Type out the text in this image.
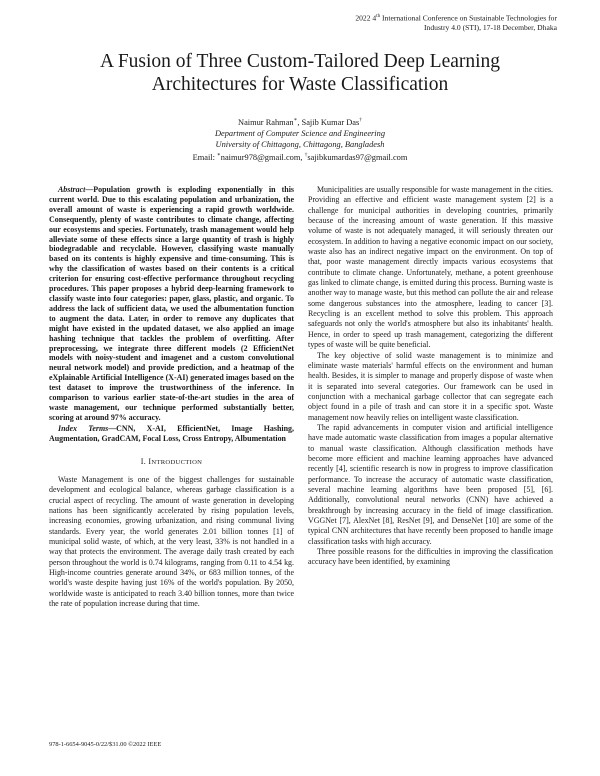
2022 4th International Conference on Sustainable Technologies for
Industry 4.0 (STI), 17-18 December, Dhaka
A Fusion of Three Custom-Tailored Deep Learning
Architectures for Waste Classification
Naimur Rahman∗, Sajib Kumar Das†
Department of Computer Science and Engineering
University of Chittagong, Chittagong, Bangladesh
Email: ∗naimur978@gmail.com, †sajibkumardas97@gmail.com

Abstract—Population growth is exploding exponentially in this current world. Due to this escalating population and urbanization, the overall amount of waste is experiencing a rapid growth worldwide. Consequently, plenty of waste contributes to climate change, affecting our ecosystems and species. Fortunately, trash management would help alleviate some of these effects since a large quantity of trash is highly biodegradable and recyclable. However, classifying waste manually based on its contents is highly expensive and time-consuming. This is why the classification of wastes based on their contents is a critical criterion for ensuring cost-effective performance throughout recycling procedures. This paper proposes a hybrid deep-learning framework to classify waste into four categories: paper, glass, plastic, and organic. To address the lack of sufficient data, we used the albumentation function to augment the data. Later, in order to remove any duplicates that might have existed in the updated dataset, we also applied an image hashing technique that tackles the problem of overfitting. After preprocessing, we integrate three different models (2 EfficientNet models with noisy-student and imagenet and a custom convolutional neural network model) and provide prediction, and a heatmap of the eXplainable Artificial Intelligence (X-AI) generated images based on the test dataset to improve the trustworthiness of the inference. In comparison to various earlier state-of-the-art studies in the area of waste management, our technique performed substantially better, scoring at around 97% accuracy.

Index Terms—CNN, X-AI, EfficientNet, Image Hashing, Augmentation, GradCAM, Focal Loss, Cross Entropy, Albumentation

I. INTRODUCTION

Waste Management is one of the biggest challenges for sustainable development and ecological balance, whereas garbage classification is a crucial aspect of recycling. The amount of waste generation in developing nations has been significantly accelerated by rising population levels, increasing economies, growing urbanization, and rising communal living standards. Every year, the world generates 2.01 billion tonnes [1] of municipal solid waste, of which, at the very least, 33% is not handled in a way that protects the environment. The average daily trash created by each person throughout the world is 0.74 kilograms, ranging from 0.11 to 4.54 kg. High-income countries generate around 34%, or 683 million tonnes, of the world's waste despite having just 16% of the world's population. By 2050, worldwide waste is anticipated to reach 3.40 billion tonnes, more than twice the rate of population increase during that time.

Municipalities are usually responsible for waste management in the cities. Providing an effective and efficient waste management system [2] is a challenge for municipal authorities in developing countries, primarily because of the increasing amount of waste generation. If this massive volume of waste is not adequately managed, it will seriously threaten our ecosystem. In addition to having a negative economic impact on our society, waste also has an indirect negative impact on the environment. On top of that, poor waste management directly impacts various ecosystems that contribute to climate change. Unfortunately, methane, a potent greenhouse gas linked to climate change, is emitted during this process. Burning waste is another way to manage waste, but this method can pollute the air and release some dangerous substances into the atmosphere, leading to cancer [3]. Recycling is an excellent method to solve this problem. This approach safeguards not only the world's atmosphere but also its inhabitants' health. Hence, in order to speed up trash management, categorizing the different types of waste will be quite beneficial.

The key objective of solid waste management is to minimize and eliminate waste materials' harmful effects on the environment and human health. Besides, it is simpler to manage and properly dispose of waste when it is separated into several categories. Our framework can be used in conjunction with a mechanical garbage collector that can segregate each object found in a pile of trash and can store it in a specific spot. Waste management now heavily relies on intelligent waste classification.

The rapid advancements in computer vision and artificial intelligence have made automatic waste classification from images a popular alternative to manual waste classification. Although classification methods have become more efficient and machine learning approaches have advanced recently [4], scientific research is now in progress to improve classification performance. To increase the accuracy of automatic waste classification, several machine learning algorithms have been proposed [5], [6]. Additionally, convolutional neural networks (CNN) have achieved a breakthrough by increasing accuracy in the field of image classification. VGGNet [7], AlexNet [8], ResNet [9], and DenseNet [10] are some of the typical CNN architectures that have recently been proposed to handle image classification tasks with high accuracy.

Three possible reasons for the difficulties in improving the classification accuracy have been identified, by examining

978-1-6654-9045-0/22/$31.00 ©2022 IEEE
